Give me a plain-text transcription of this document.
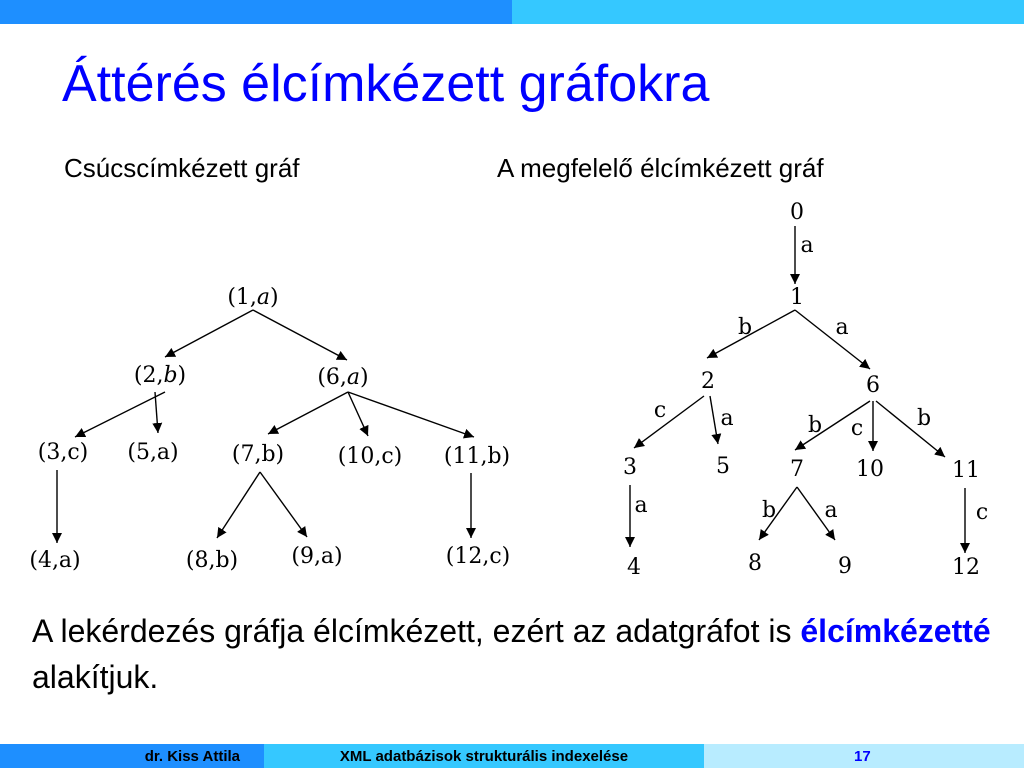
Áttérés élcímkézett gráfokra
Csúcscímkézett gráf	A megfelelő élcímkézett gráf
(1,a)
(2,b)	(6,a)
(3,c) (5,a) (7,b) (10,c) (11,b)
(4,a)	(8,b) (9,a)	(12,c)
a
b	a
c a	b c b
a	b a	c
0
1
2	6
3	5	7 10	11
4	8	9	12

A lekérdezés gráfja élcímkézett, ezért az adatgráfot is élcímkézetté alakítjuk.

dr. Kiss Attila	XML adatbázisok strukturális indexelése	17
